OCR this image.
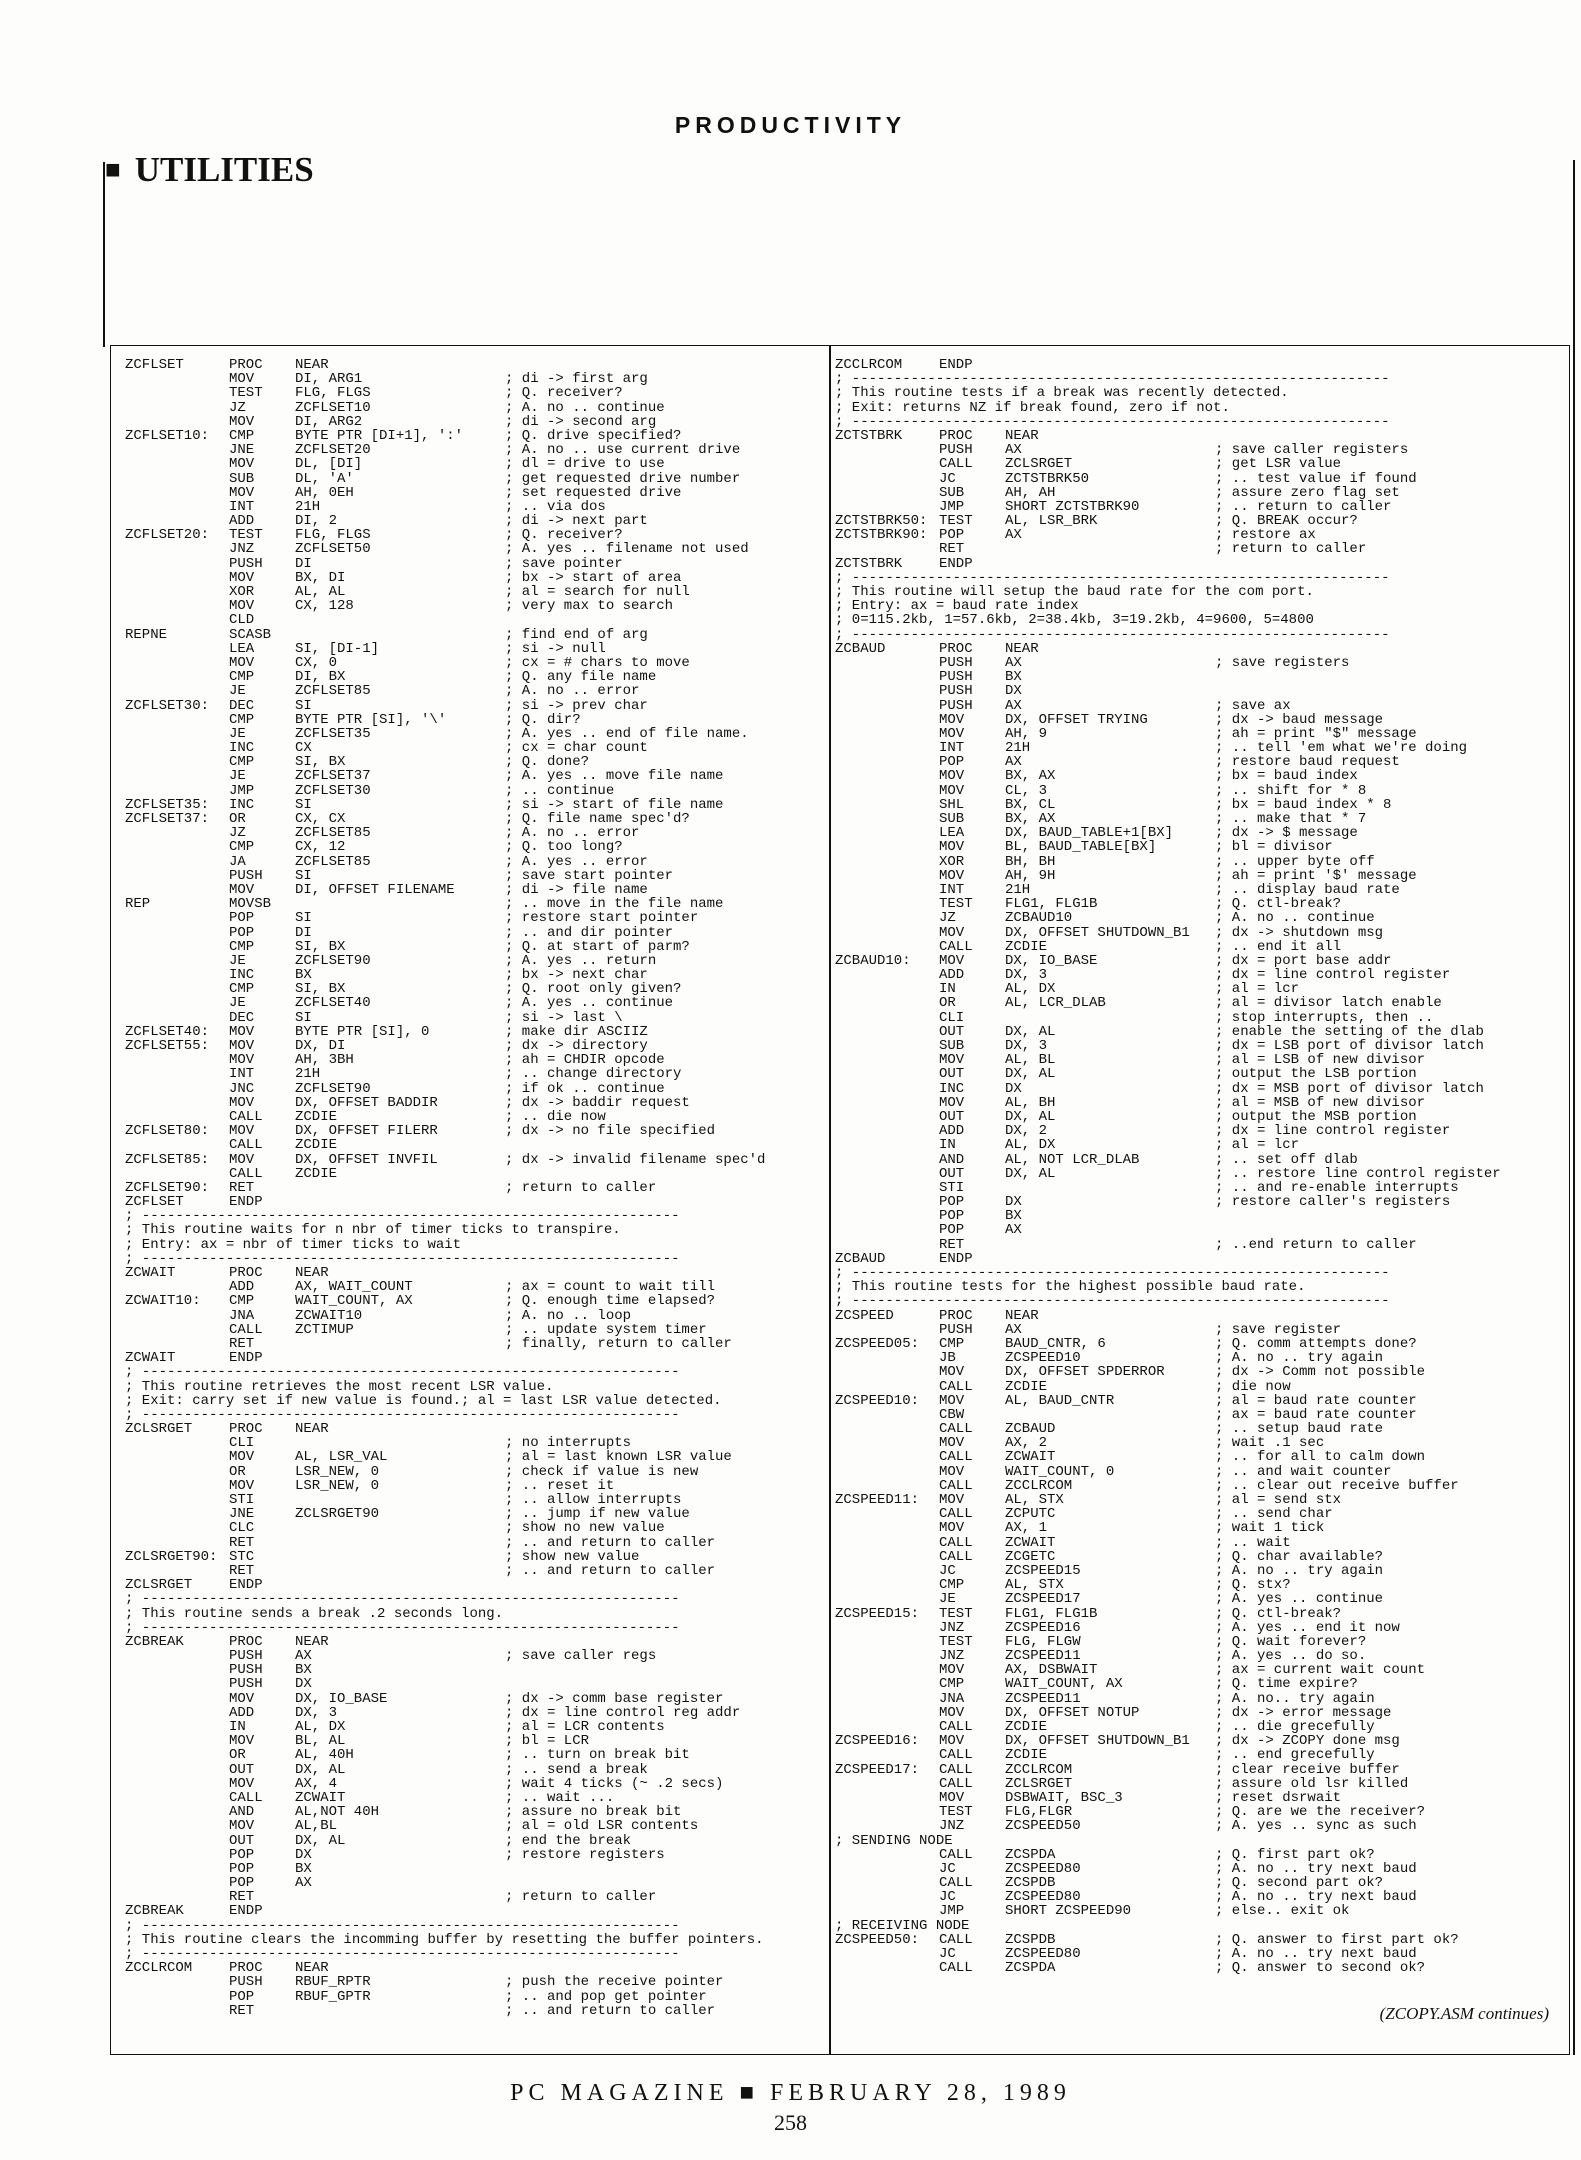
PRODUCTIVITY
■ UTILITIES
ZCFLSET	PROC	NEAR
MOV	DI, ARG1	; di -> first arg
TEST	FLG, FLGS	; Q. receiver?
JZ	ZCFLSET10	; A. no .. continue
MOV	DI, ARG2	; di -> second arg
ZCFLSET10:	CMP	BYTE PTR [DI+1], ':'	; Q. drive specified?
JNE	ZCFLSET20	; A. no .. use current drive
MOV	DL, [DI]	; dl = drive to use
SUB	DL, 'A'	; get requested drive number
MOV	AH, 0EH	; set requested drive
INT	21H	; .. via dos
ADD	DI, 2	; di -> next part
ZCFLSET20:	TEST	FLG, FLGS	; Q. receiver?
JNZ	ZCFLSET50	; A. yes .. filename not used
PUSH	DI	; save pointer
MOV	BX, DI	; bx -> start of area
XOR	AL, AL	; al = search for null
MOV	CX, 128	; very max to search
CLD
REPNE	SCASB	; find end of arg
LEA	SI, [DI-1]	; si -> null
MOV	CX, 0	; cx = # chars to move
CMP	DI, BX	; Q. any file name
JE	ZCFLSET85	; A. no .. error
ZCFLSET30:	DEC	SI	; si -> prev char
CMP	BYTE PTR [SI], '\'	; Q. dir?
JE	ZCFLSET35	; A. yes .. end of file name.
INC	CX	; cx = char count
CMP	SI, BX	; Q. done?
JE	ZCFLSET37	; A. yes .. move file name
JMP	ZCFLSET30	; .. continue
ZCFLSET35:	INC	SI	; si -> start of file name
ZCFLSET37:	OR	CX, CX	; Q. file name spec'd?
JZ	ZCFLSET85	; A. no .. error
CMP	CX, 12	; Q. too long?
JA	ZCFLSET85	; A. yes .. error
PUSH	SI	; save start pointer
MOV	DI, OFFSET FILENAME	; di -> file name
REP	MOVSB	; .. move in the file name
POP	SI	; restore start pointer
POP	DI	; .. and dir pointer
CMP	SI, BX	; Q. at start of parm?
JE	ZCFLSET90	; A. yes .. return
INC	BX	; bx -> next char
CMP	SI, BX	; Q. root only given?
JE	ZCFLSET40	; A. yes .. continue
DEC	SI	; si -> last \
ZCFLSET40:	MOV	BYTE PTR [SI], 0	; make dir ASCIIZ
ZCFLSET55:	MOV	DX, DI	; dx -> directory
MOV	AH, 3BH	; ah = CHDIR opcode
INT	21H	; .. change directory
JNC	ZCFLSET90	; if ok .. continue
MOV	DX, OFFSET BADDIR	; dx -> baddir request
CALL	ZCDIE	; .. die now
ZCFLSET80:	MOV	DX, OFFSET FILERR	; dx -> no file specified
CALL	ZCDIE
ZCFLSET85:	MOV	DX, OFFSET INVFIL	; dx -> invalid filename spec'd
CALL	ZCDIE
ZCFLSET90:	RET	; return to caller
ZCFLSET	ENDP
; ----------------------------------------------------------------
; This routine waits for n nbr of timer ticks to transpire.
; Entry: ax = nbr of timer ticks to wait
; ----------------------------------------------------------------
ZCWAIT	PROC	NEAR
ADD	AX, WAIT_COUNT	; ax = count to wait till
ZCWAIT10:	CMP	WAIT_COUNT, AX	; Q. enough time elapsed?
JNA	ZCWAIT10	; A. no .. loop
CALL	ZCTIMUP	; .. update system timer
RET	; finally, return to caller
ZCWAIT	ENDP
; ----------------------------------------------------------------
; This routine retrieves the most recent LSR value.
; Exit: carry set if new value is found.; al = last LSR value detected.
; ----------------------------------------------------------------
ZCLSRGET	PROC	NEAR
CLI	; no interrupts
MOV	AL, LSR_VAL	; al = last known LSR value
OR	LSR_NEW, 0	; check if value is new
MOV	LSR_NEW, 0	; .. reset it
STI	; .. allow interrupts
JNE	ZCLSRGET90	; .. jump if new value
CLC	; show no new value
RET	; .. and return to caller
ZCLSRGET90: STC	; show new value
RET	; .. and return to caller
ZCLSRGET	ENDP
; ----------------------------------------------------------------
; This routine sends a break .2 seconds long.
; ----------------------------------------------------------------
ZCBREAK	PROC	NEAR
PUSH	AX	; save caller regs
PUSH	BX
PUSH	DX
MOV	DX, IO_BASE	; dx -> comm base register
ADD	DX, 3	; dx = line control reg addr
IN	AL, DX	; al = LCR contents
MOV	BL, AL	; bl = LCR
OR	AL, 40H	; .. turn on break bit
OUT	DX, AL	; .. send a break
MOV	AX, 4	; wait 4 ticks (~ .2 secs)
CALL	ZCWAIT	; .. wait ...
AND	AL,NOT 40H	; assure no break bit
MOV	AL,BL	; al = old LSR contents
OUT	DX, AL	; end the break
POP	DX	; restore registers
POP	BX
POP	AX
RET	; return to caller
ZCBREAK	ENDP
; ----------------------------------------------------------------
; This routine clears the incomming buffer by resetting the buffer pointers.
; ----------------------------------------------------------------
ZCCLRCOM	PROC	NEAR
PUSH	RBUF_RPTR	; push the receive pointer
POP	RBUF_GPTR	; .. and pop get pointer
RET	; .. and return to caller
ZCCLRCOM	ENDP
; ----------------------------------------------------------------
; This routine tests if a break was recently detected.
; Exit: returns NZ if break found, zero if not.
; ----------------------------------------------------------------
ZCTSTBRK	PROC	NEAR
PUSH	AX	; save caller registers
CALL	ZCLSRGET	; get LSR value
JC	ZCTSTBRK50	; .. test value if found
SUB	AH, AH	; assure zero flag set
JMP	SHORT ZCTSTBRK90	; .. return to caller
ZCTSTBRK50: TEST	AL, LSR_BRK	; Q. BREAK occur?
ZCTSTBRK90: POP	AX	; restore ax
RET	; return to caller
ZCTSTBRK	ENDP
; ----------------------------------------------------------------
; This routine will setup the baud rate for the com port.
; Entry: ax = baud rate index
; 0=115.2kb, 1=57.6kb, 2=38.4kb, 3=19.2kb, 4=9600, 5=4800
; ----------------------------------------------------------------
ZCBAUD	PROC	NEAR
PUSH	AX	; save registers
PUSH	BX
PUSH	DX
PUSH	AX	; save ax
MOV	DX, OFFSET TRYING	; dx -> baud message
MOV	AH, 9	; ah = print "$" message
INT	21H	; .. tell 'em what we're doing
POP	AX	; restore baud request
MOV	BX, AX	; bx = baud index
MOV	CL, 3	; .. shift for * 8
SHL	BX, CL	; bx = baud index * 8
SUB	BX, AX	; .. make that * 7
LEA	DX, BAUD_TABLE+1[BX]	; dx -> $ message
MOV	BL, BAUD_TABLE[BX]	; bl = divisor
XOR	BH, BH	; .. upper byte off
MOV	AH, 9H	; ah = print '$' message
INT	21H	; .. display baud rate
TEST	FLG1, FLG1B	; Q. ctl-break?
JZ	ZCBAUD10	; A. no .. continue
MOV	DX, OFFSET SHUTDOWN_B1	; dx -> shutdown msg
CALL	ZCDIE	; .. end it all
ZCBAUD10:	MOV	DX, IO_BASE	; dx = port base addr
ADD	DX, 3	; dx = line control register
IN	AL, DX	; al = lcr
OR	AL, LCR_DLAB	; al = divisor latch enable
CLI	; stop interrupts, then ..
OUT	DX, AL	; enable the setting of the dlab
SUB	DX, 3	; dx = LSB port of divisor latch
MOV	AL, BL	; al = LSB of new divisor
OUT	DX, AL	; output the LSB portion
INC	DX	; dx = MSB port of divisor latch
MOV	AL, BH	; al = MSB of new divisor
OUT	DX, AL	; output the MSB portion
ADD	DX, 2	; dx = line control register
IN	AL, DX	; al = lcr
AND	AL, NOT LCR_DLAB	; .. set off dlab
OUT	DX, AL	; .. restore line control register
STI	; .. and re-enable interrupts
POP	DX	; restore caller's registers
POP	BX
POP	AX
RET	; ..end return to caller
ZCBAUD	ENDP
; ----------------------------------------------------------------
; This routine tests for the highest possible baud rate.
; ----------------------------------------------------------------
ZCSPEED	PROC	NEAR
PUSH	AX	; save register
ZCSPEED05:	CMP	BAUD_CNTR, 6	; Q. comm attempts done?
JB	ZCSPEED10	; A. no .. try again
MOV	DX, OFFSET SPDERROR	; dx -> Comm not possible
CALL	ZCDIE	; die now
ZCSPEED10:	MOV	AL, BAUD_CNTR	; al = baud rate counter
CBW	; ax = baud rate counter
CALL	ZCBAUD	; .. setup baud rate
MOV	AX, 2	; wait .1 sec
CALL	ZCWAIT	; .. for all to calm down
MOV	WAIT_COUNT, 0	; .. and wait counter
CALL	ZCCLRCOM	; .. clear out receive buffer
ZCSPEED11:	MOV	AL, STX	; al = send stx
CALL	ZCPUTC	; .. send char
MOV	AX, 1	; wait 1 tick
CALL	ZCWAIT	; .. wait
CALL	ZCGETC	; Q. char available?
JC	ZCSPEED15	; A. no .. try again
CMP	AL, STX	; Q. stx?
JE	ZCSPEED17	; A. yes .. continue
ZCSPEED15:	TEST	FLG1, FLG1B	; Q. ctl-break?
JNZ	ZCSPEED16	; A. yes .. end it now
TEST	FLG, FLGW	; Q. wait forever?
JNZ	ZCSPEED11	; A. yes .. do so.
MOV	AX, DSBWAIT	; ax = current wait count
CMP	WAIT_COUNT, AX	; Q. time expire?
JNA	ZCSPEED11	; A. no.. try again
MOV	DX, OFFSET NOTUP	; dx -> error message
CALL	ZCDIE	; .. die grecefully
ZCSPEED16:	MOV	DX, OFFSET SHUTDOWN_B1	; dx -> ZCOPY done msg
CALL	ZCDIE	; .. end grecefully
ZCSPEED17:	CALL	ZCCLRCOM	; clear receive buffer
CALL	ZCLSRGET	; assure old lsr killed
MOV	DSBWAIT, BSC_3	; reset dsrwait
TEST	FLG,FLGR	; Q. are we the receiver?
JNZ	ZCSPEED50	; A. yes .. sync as such
; SENDING NODE
CALL	ZCSPDA	; Q. first part ok?
JC	ZCSPEED80	; A. no .. try next baud
CALL	ZCSPDB	; Q. second part ok?
JC	ZCSPEED80	; A. no .. try next baud
JMP	SHORT ZCSPEED90	; else.. exit ok
; RECEIVING NODE
ZCSPEED50:	CALL	ZCSPDB	; Q. answer to first part ok?
JC	ZCSPEED80	; A. no .. try next baud
CALL	ZCSPDA	; Q. answer to second ok?
(ZCOPY.ASM continues)
PC MAGAZINE ■ FEBRUARY 28, 1989
258
